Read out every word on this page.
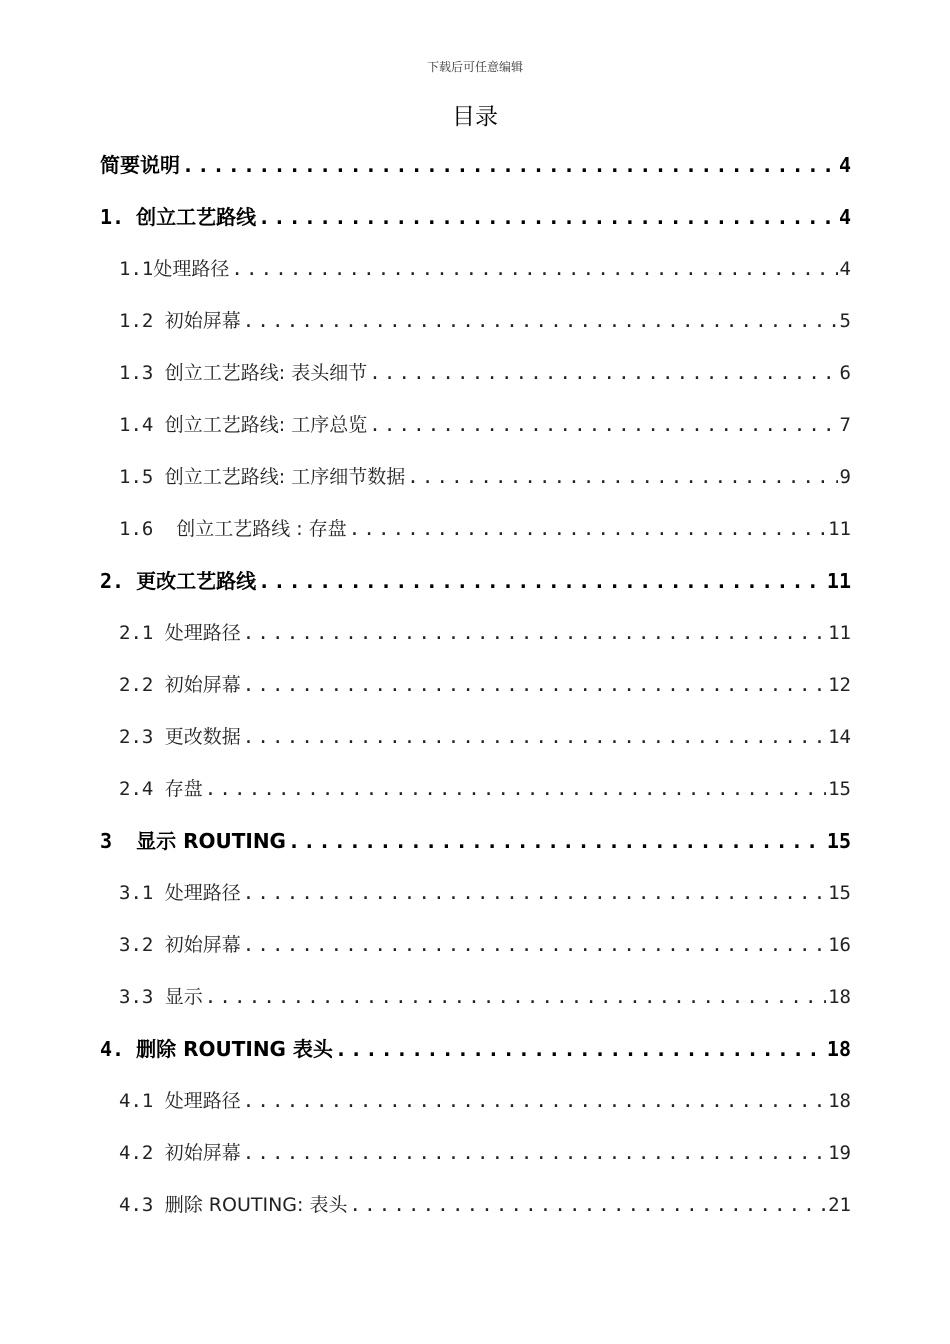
下载后可任意编辑
目录
简要说明 .....	4
1. 创立工艺路线 .....	4
1.1处理路径 .....	4
1.2 初始屏幕 .....	5
1.3 创立工艺路线: 表头细节 .....	6
1.4 创立工艺路线: 工序总览 .....	7
1.5 创立工艺路线: 工序细节数据 .....	9
1.6  创立工艺路线 : 存盘 .....	11
2. 更改工艺路线 .....	11
2.1 处理路径 .....	11
2.2 初始屏幕 .....	12
2.3 更改数据 .....	14
2.4 存盘 .....	15
3  显示 ROUTING .....	15
3.1 处理路径 .....	15
3.2 初始屏幕 .....	16
3.3 显示 .....	18
4. 删除 ROUTING 表头 .....	18
4.1 处理路径 .....	18
4.2 初始屏幕 .....	19
4.3 删除 ROUTING: 表头 .....	21
